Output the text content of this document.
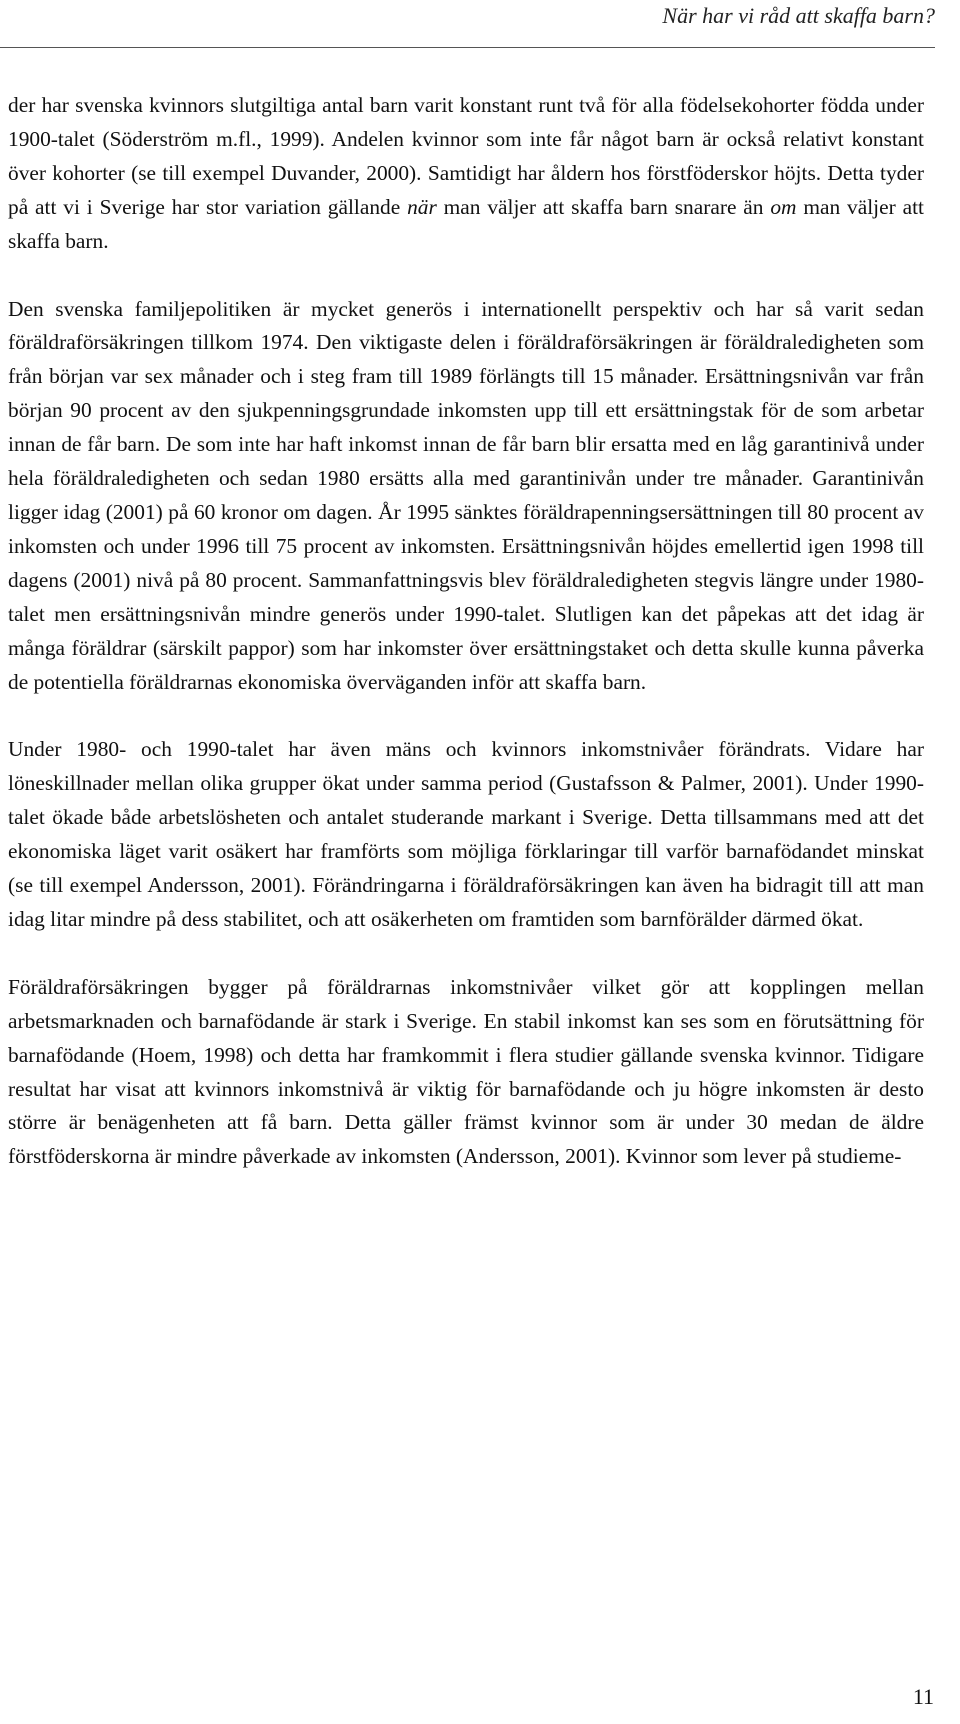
När har vi råd att skaffa barn?

der har svenska kvinnors slutgiltiga antal barn varit konstant runt två för alla födelsekohorter födda under 1900-talet (Söderström m.fl., 1999). Andelen kvinnor som inte får något barn är också relativt konstant över kohorter (se till exempel Duvander, 2000). Samtidigt har åldern hos förstföderskor höjts. Detta tyder på att vi i Sverige har stor variation gällande när man väljer att skaffa barn snarare än om man väljer att skaffa barn.

Den svenska familjepolitiken är mycket generös i internationellt perspektiv och har så varit sedan föräldraförsäkringen tillkom 1974. Den viktigaste delen i föräldraförsäkringen är föräldraledigheten som från början var sex månader och i steg fram till 1989 förlängts till 15 månader. Ersättningsnivån var från början 90 procent av den sjukpenningsgrundade inkomsten upp till ett ersättningstak för de som arbetar innan de får barn. De som inte har haft inkomst innan de får barn blir ersatta med en låg garantinivå under hela föräldraledigheten och sedan 1980 ersätts alla med garantinivån under tre månader. Garantinivån ligger idag (2001) på 60 kronor om dagen. År 1995 sänktes föräldrapenningsersättningen till 80 procent av inkomsten och under 1996 till 75 procent av inkomsten. Ersättningsnivån höjdes emellertid igen 1998 till dagens (2001) nivå på 80 procent. Sammanfattningsvis blev föräldraledigheten stegvis längre under 1980-talet men ersättningsnivån mindre generös under 1990-talet. Slutligen kan det påpekas att det idag är många föräldrar (särskilt pappor) som har inkomster över ersättningstaket och detta skulle kunna påverka de potentiella föräldrarnas ekonomiska överväganden inför att skaffa barn.

Under 1980- och 1990-talet har även mäns och kvinnors inkomstnivåer förändrats. Vidare har löneskillnader mellan olika grupper ökat under samma period (Gustafsson & Palmer, 2001). Under 1990-talet ökade både arbetslösheten och antalet studerande markant i Sverige. Detta tillsammans med att det ekonomiska läget varit osäkert har framförts som möjliga förklaringar till varför barnafödandet minskat (se till exempel Andersson, 2001). Förändringarna i föräldraförsäkringen kan även ha bidragit till att man idag litar mindre på dess stabilitet, och att osäkerheten om framtiden som barnförälder därmed ökat.

Föräldraförsäkringen bygger på föräldrarnas inkomstnivåer vilket gör att kopplingen mellan arbetsmarknaden och barnafödande är stark i Sverige. En stabil inkomst kan ses som en förutsättning för barnafödande (Hoem, 1998) och detta har framkommit i flera studier gällande svenska kvinnor. Tidigare resultat har visat att kvinnors inkomstnivå är viktig för barnafödande och ju högre inkomsten är desto större är benägenheten att få barn. Detta gäller främst kvinnor som är under 30 medan de äldre förstföderskorna är mindre påverkade av inkomsten (Andersson, 2001). Kvinnor som lever på studieme-

11
